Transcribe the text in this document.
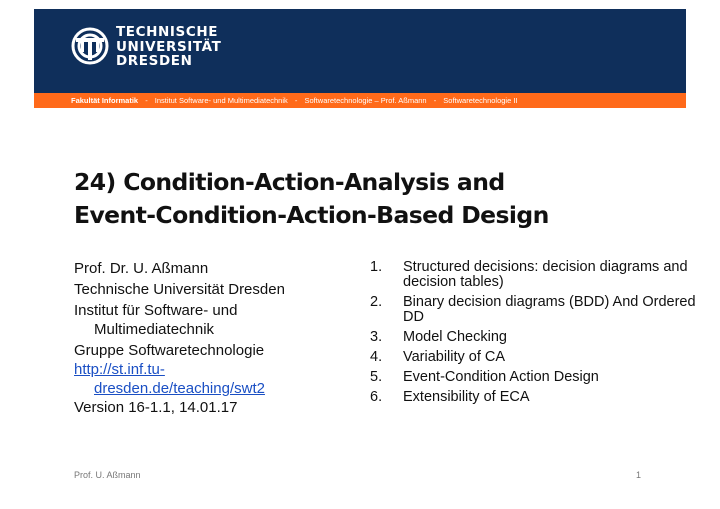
TECHNISCHE
UNIVERSITÄT
DRESDEN
Fakultät Informatik - Institut Software- und Multimediatechnik - Softwaretechnologie – Prof. Aßmann - Softwaretechnologie II
24) Condition-Action-Analysis and
Event-Condition-Action-Based Design
Prof. Dr. U. Aßmann
Technische Universität Dresden
Institut für Software- und
Multimediatechnik
Gruppe Softwaretechnologie
http://st.inf.tu-
dresden.de/teaching/swt2
Version 16-1.1, 14.01.17
1.	Structured decisions: decision diagrams and decision tables)
2.	Binary decision diagrams (BDD) And Ordered DD
3.	Model Checking
4.	Variability of CA
5.	Event-Condition Action Design
6.	Extensibility of ECA
Prof. U. Aßmann	1
